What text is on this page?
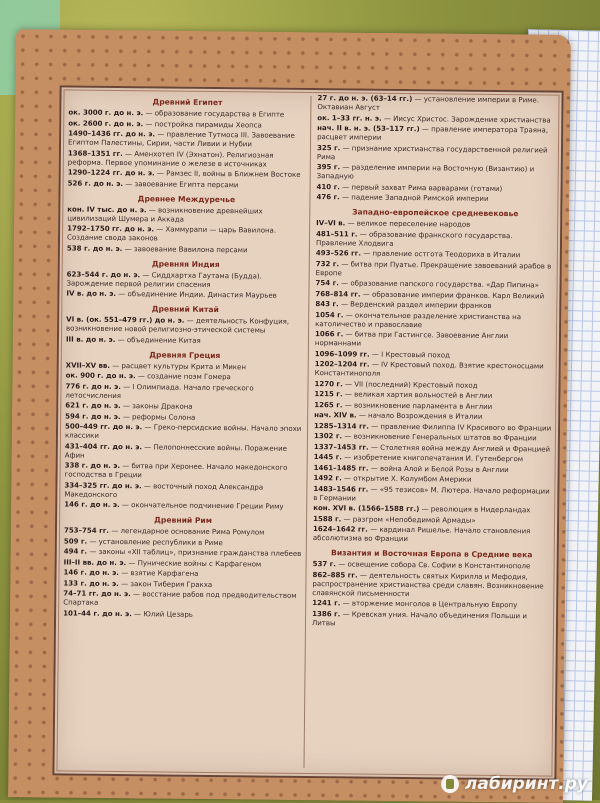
Древний Египет
ок. 3000 г. до н. э. — образование государства в Египте
ок. 2600 г. до н. э. — постройка пирамиды Хеопса
1490–1436 гг. до н. э. — правление Тутмоса III. Завоевание Египтом Палестины, Сирии, части Ливии и Нубии
1368–1351 гг. — Аменхотеп IV (Эхнатон). Религиозная реформа. Первое упоминание о железе в источниках
1290–1224 гг. до н. э. — Рамзес II, войны в Ближнем Востоке
526 г. до н. э. — завоевание Египта персами
Древнее Междуречье
кон. IV тыс. до н. э. — возникновение древнейших цивилизаций Шумера и Аккада
1792–1750 гг. до н. э. — Хаммурапи — царь Вавилона. Создание свода законов
538 г. до н. э. — завоевание Вавилона персами
Древняя Индия
623–544 г. до н. э. — Сиддхартха Гаутама (Будда). Зарождение первой религии спасения
IV в. до н. э. — объединение Индии. Династия Маурьев
Древний Китай
VI в. (ок. 551–479 гг.) до н. э. — деятельность Конфуция, возникновение новой религиозно-этической системы
III в. до н. э. — объединение Китая
Древняя Греция
XVII–XV вв. — расцвет культуры Крита и Микен
ок. 900 г. до н. э. — создание поэм Гомера
776 г. до н. э. — I Олимпиада. Начало греческого летосчисления
621 г. до н. э. — законы Дракона
594 г. до н. э. — реформы Солона
500–449 гг. до н. э. — Греко-персидские войны. Начало эпохи классики
431–404 гг. до н. э. — Пелопоннесские войны. Поражение Афин
338 г. до н. э. — битва при Херонее. Начало македонского господства в Греции
334–325 гг. до н. э. — восточный поход Александра Македонского
146 г. до н. э. — окончательное подчинение Греции Риму
Древний Рим
753–754 гг. — легендарное основание Рима Ромулом
509 г. — установление республики в Риме
494 г. — законы «XII таблиц», признание гражданства плебеев
III–II вв. до н. э. — Пунические войны с Карфагеном
146 г. до н. э. — взятие Карфагена
133 г. до н. э. — закон Тиберия Гракха
74–71 гг. до н. э. — восстание рабов под предводительством Спартака
101–44 г. до н. э. — Юлий Цезарь
27 г. до н. э. (63–14 гг.) — установление империи в Риме. Октавиан Август
ок. 1–33 гг. н. э. — Иисус Христос. Зарождение христианства
нач. II в. н. э. (53–117 гг.) — правление императора Траяна, расцвет империи
325 г. — признание христианства государственной религией Рима
395 г. — разделение империи на Восточную (Византию) и Западную
410 г. — первый захват Рима варварами (готами)
476 г. — падение Западной Римской империи
Западно-европейское средневековье
IV–VI в. — великое переселение народов
481–511 г. — образование франкского государства. Правление Хлодвига
493–526 гг. — правление остгота Теодориха в Италии
732 г. — битва при Пуатье. Прекращение завоеваний арабов в Европе
754 г. — образование папского государства. «Дар Пипина»
768–814 гг. — образование империи франков. Карл Великий
843 г. — Верденский раздел империи франков
1054 г. — окончательное разделение христианства на католичество и православие
1066 г. — битва при Гастингсе. Завоевание Англии норманнами
1096–1099 гг. — I Крестовый поход
1202–1204 гг. — IV Крестовый поход. Взятие крестоносцами Константинополя
1270 г. — VII (последний) Крестовый поход
1215 г. — великая хартия вольностей в Англии
1265 г. — возникновение парламента в Англии
нач. XIV в. — начало Возрождения в Италии
1285–1314 гг. — правление Филиппа IV Красивого во Франции
1302 г. — возникновение Генеральных штатов во Франции
1337–1453 гг. — Столетняя война между Англией и Францией
1445 г. — изобретение книгопечатания И. Гутенбергом
1461–1485 гг. — война Алой и Белой Розы в Англии
1492 г. — открытие Х. Колумбом Америки
1483–1546 гг. — «95 тезисов» М. Лютера. Начало реформации в Германии
кон. XVI в. (1566–1588 гг.) — революция в Нидерландах
1588 г. — разгром «Непобедимой Армады»
1624–1642 гг. — кардинал Ришелье. Начало становления абсолютизма во Франции
Византия и Восточная Европа в Средние века
537 г. — освещение собора Св. Софии в Константинополе
862–885 гг. — деятельность святых Кирилла и Мефодия, распространение христианства среди славян. Возникновение славянской письменности
1241 г. — вторжение монголов в Центральную Европу
1386 г. — Кревская уния. Начало объединения Польши и Литвы
лабиринт.ру
